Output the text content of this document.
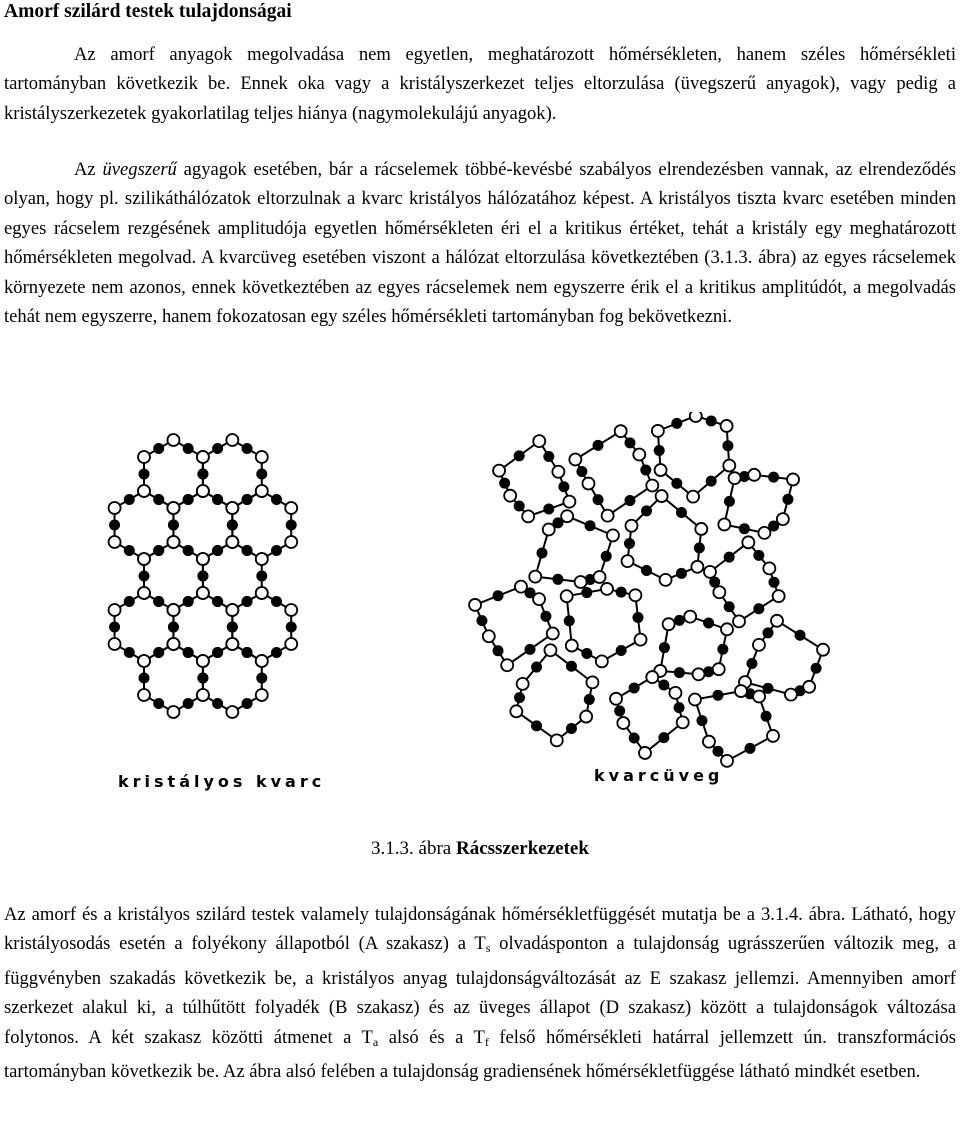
Amorf szilárd testek tulajdonságai

Az amorf anyagok megolvadása nem egyetlen, meghatározott hőmérsékleten, hanem széles hőmérsékleti tartományban következik be. Ennek oka vagy a kristályszerkezet teljes eltorzulása (üvegszerű anyagok), vagy pedig a kristályszerkezetek gyakorlatilag teljes hiánya (nagymolekulájú anyagok).

Az üvegszerű agyagok esetében, bár a rácselemek többé-kevésbé szabályos elrendezésben vannak, az elrendeződés olyan, hogy pl. szilikáthálózatok eltorzulnak a kvarc kristályos hálózatához képest. A kristályos tiszta kvarc esetében minden egyes rácselem rezgésének amplitudója egyetlen hőmérsékleten éri el a kritikus értéket, tehát a kristály egy meghatározott hőmérsékleten megolvad. A kvarcüveg esetében viszont a hálózat eltorzulása következtében (3.1.3. ábra) az egyes rácselemek környezete nem azonos, ennek következtében az egyes rácselemek nem egyszerre érik el a kritikus amplitúdót, a megolvadás tehát nem egyszerre, hanem fokozatosan egy széles hőmérsékleti tartományban fog bekövetkezni.

kristályos kvarc	kvarcüveg
3.1.3. ábra Rácsszerkezetek

Az amorf és a kristályos szilárd testek valamely tulajdonságának hőmérsékletfüggését mutatja be a 3.1.4. ábra. Látható, hogy kristályosodás esetén a folyékony állapotból (A szakasz) a $T_s$ olvadásponton a tulajdonság ugrásszerűen változik meg, a függvényben szakadás következik be, a kristályos anyag tulajdonságváltozását az E szakasz jellemzi. Amennyiben amorf szerkezet alakul ki, a túlhűtött folyadék (B szakasz) és az üveges állapot (D szakasz) között a tulajdonságok változása folytonos. A két szakasz közötti átmenet a $T_a$ alsó és a $T_f$ felső hőmérsékleti határral jellemzett ún. transzformációs tartományban következik be. Az ábra alsó felében a tulajdonság gradiensének hőmérsékletfüggése látható mindkét esetben.
